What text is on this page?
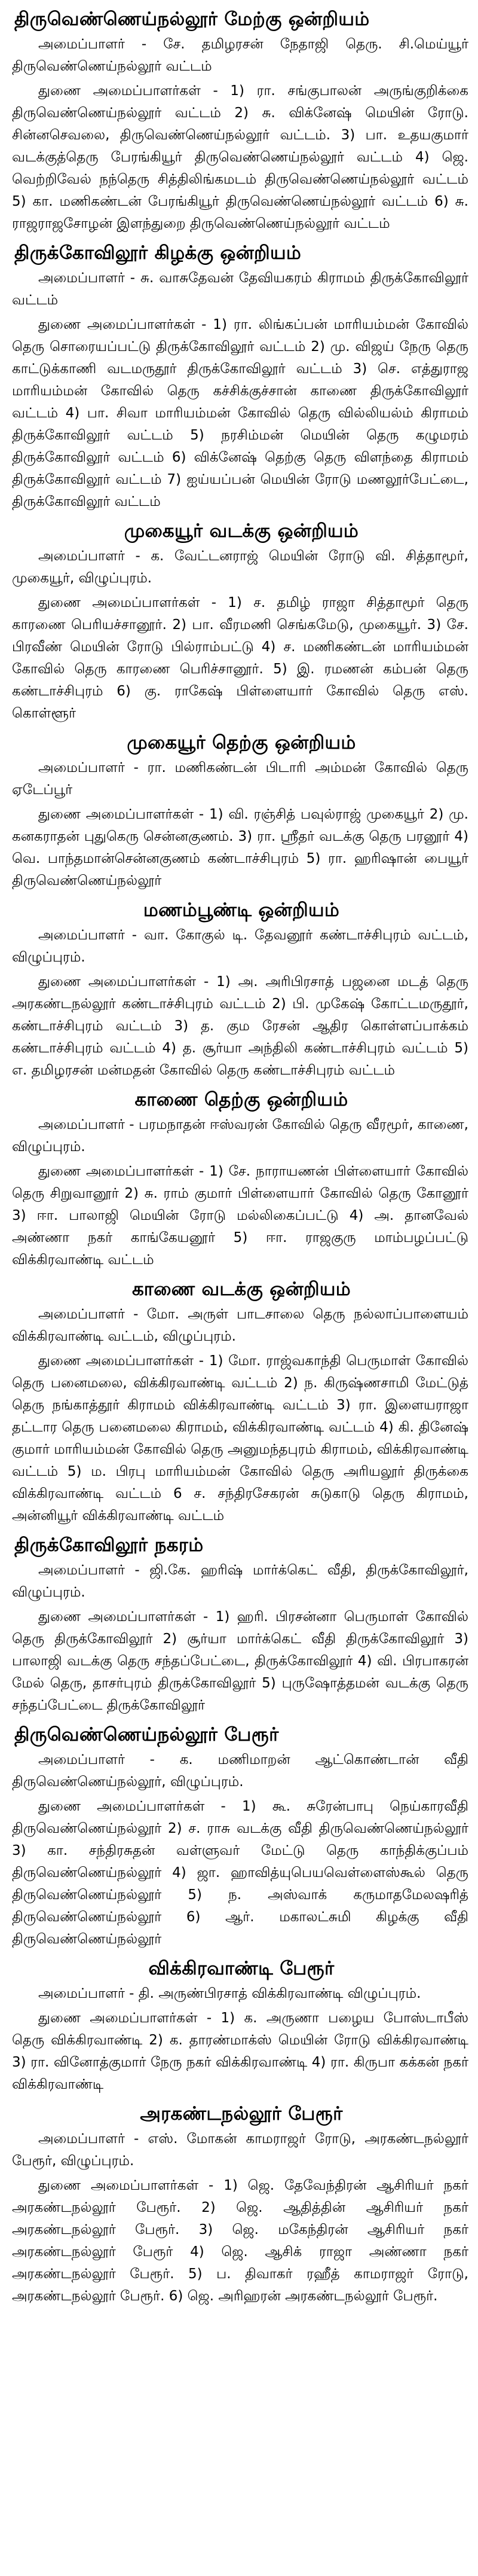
திருவெண்ணெய்நல்லூர் மேற்கு ஒன்றியம்
அமைப்பாளர் - சே. தமிழரசன் நேதாஜி தெரு. சி.மெய்யூர் திருவெண்ணெய்நல்லூர் வட்டம்
துணை அமைப்பாளர்கள் - 1) ரா. சங்குபாலன் அருங்குறிக்கை திருவெண்ணெய்நல்லூர் வட்டம் 2) சு. விக்னேஷ் மெயின் ரோடு. சின்னசெவலை, திருவெண்ணெய்நல்லூர் வட்டம். 3) பா. உதயகுமார் வடக்குத்தெரு பேரங்கியூர் திருவெண்ணெய்நல்லூர் வட்டம் 4) ஜெ. வெற்றிவேல் நந்தெரு சித்திலிங்கமடம் திருவெண்ணெய்நல்லூர் வட்டம் 5) கா. மணிகண்டன் பேரங்கியூர் திருவெண்ணெய்நல்லூர் வட்டம் 6) சு. ராஜராஜசோழன் இளந்துறை திருவெண்ணெய்நல்லூர் வட்டம்
திருக்கோவிலூர் கிழக்கு ஒன்றியம்
அமைப்பாளர் - சு. வாசுதேவன் தேவியகரம் கிராமம் திருக்கோவிலூர் வட்டம்
துணை அமைப்பாளர்கள் - 1) ரா. லிங்கப்பன் மாரியம்மன் கோவில் தெரு சொரையப்பட்டு திருக்கோவிலூர் வட்டம் 2) மு. விஜய் நேரு தெரு காட்டுக்காணி வடமருதூர் திருக்கோவிலூர் வட்டம் 3) செ. எத்துராஜ மாரியம்மன் கோவில் தெரு கச்சிக்குச்சான் காணை திருக்கோவிலூர் வட்டம் 4) பா. சிவா மாரியம்மன் கோவில் தெரு வில்லியல்ம் கிராமம் திருக்கோவிலூர் வட்டம் 5) நரசிம்மன் மெயின் தெரு கழுமரம் திருக்கோவிலூர் வட்டம் 6) விக்னேஷ் தெற்கு தெரு விளந்தை கிராமம் திருக்கோவிலூர் வட்டம் 7) ஐய்யப்பன் மெயின் ரோடு மணலூர்பேட்டை, திருக்கோவிலூர் வட்டம்
முகையூர் வடக்கு ஒன்றியம்
அமைப்பாளர் - க. வேட்டனராஜ் மெயின் ரோடு வி. சித்தாமூர், முகையூர், விழுப்புரம்.
துணை அமைப்பாளர்கள் - 1) ச. தமிழ் ராஜா சித்தாமூர் தெரு காரணை பெரியச்சானூர். 2) பா. வீரமணி செங்கமேடு, முகையூர். 3) சே. பிரவீண் மெயின் ரோடு பில்ராம்பட்டு 4) ச. மணிகண்டன் மாரியம்மன் கோவில் தெரு காரணை பெரிச்சானூர். 5) இ. ரமணன் கம்பன் தெரு கண்டாச்சிபுரம் 6) கு. ராகேஷ் பிள்ளையார் கோவில் தெரு எஸ். கொள்ளூர்
முகையூர் தெற்கு ஒன்றியம்
அமைப்பாளர் - ரா. மணிகண்டன் பிடாரி அம்மன் கோவில் தெரு ஏடேப்பூர்
துணை அமைப்பாளர்கள் - 1) வி. ரஞ்சித் பவுல்ராஜ் முகையூர் 2) மு. கனகராதன் புதுகெரு சென்னகுணம். 3) ரா. ஸ்ரீதர் வடக்கு தெரு பரனூர் 4) வெ. பாந்தமான்சென்னகுணம் கண்டாச்சிபுரம் 5) ரா. ஹரிஷான் பையூர் திருவெண்ணெய்நல்லூர்
மணம்பூண்டி ஒன்றியம்
அமைப்பாளர் - வா. கோகுல் டி. தேவனூர் கண்டாச்சிபுரம் வட்டம், விழுப்புரம்.
துணை அமைப்பாளர்கள் - 1) அ. அரிபிரசாத் பஜனை மடத் தெரு அரகண்டநல்லூர் கண்டாச்சிபுரம் வட்டம் 2) பி. முகேஷ் கோட்டமருதூர், கண்டாச்சிபுரம் வட்டம் 3) த. கும ரேசன் ஆதிர கொள்ளப்பாக்கம் கண்டாச்சிபுரம் வட்டம் 4) த. சூர்யா அந்திலி கண்டாச்சிபுரம் வட்டம் 5) எ. தமிழரசன் மன்மதன் கோவில் தெரு கண்டாச்சிபுரம் வட்டம்
காணை தெற்கு ஒன்றியம்
அமைப்பாளர் - பரமநாதன் ஈஸ்வரன் கோவில் தெரு வீரமூர், காணை, விழுப்புரம்.
துணை அமைப்பாளர்கள் - 1) சே. நாராயணன் பிள்ளையார் கோவில் தெரு சிறுவானூர் 2) சு. ராம் குமார் பிள்ளையார் கோவில் தெரு கோனூர் 3) ஈா. பாலாஜி மெயின் ரோடு மல்லிகைப்பட்டு 4) அ. தானவேல் அண்ணா நகர் காங்கேயனூர் 5) ஈா. ராஜகுரு மாம்பழப்பட்டு விக்கிரவாண்டி வட்டம்
காணை வடக்கு ஒன்றியம்
அமைப்பாளர் - மோ. அருள் பாடசாலை தெரு நல்லாப்பாளையம் விக்கிரவாண்டி வட்டம், விழுப்புரம்.
துணை அமைப்பாளர்கள் - 1) மோ. ராஜ்வகாந்தி பெருமாள் கோவில் தெரு பனைமலை, விக்கிரவாண்டி வட்டம் 2) ந. கிருஷ்ணசாமி மேட்டுத் தெரு நங்காத்தூர் கிராமம் விக்கிரவாண்டி வட்டம் 3) ரா. இளையராஜா தட்டார தெரு பனைமலை கிராமம், விக்கிரவாண்டி வட்டம் 4) கி. தினேஷ் குமார் மாரியம்மன் கோவில் தெரு அனுமந்தபுரம் கிராமம், விக்கிரவாண்டி வட்டம் 5) ம. பிரபு மாரியம்மன் கோவில் தெரு அரியலூர் திருக்கை விக்கிரவாண்டி வட்டம் 6 ச. சந்திரசேகரன் சுடுகாடு தெரு கிராமம், அன்னியூர் விக்கிரவாண்டி வட்டம்
திருக்கோவிலூர் நகரம்
அமைப்பாளர் - ஜி.கே. ஹரிஷ் மார்க்கெட் வீதி, திருக்கோவிலூர், விழுப்புரம்.
துணை அமைப்பாளர்கள் - 1) ஹரி. பிரசன்னா பெருமாள் கோவில் தெரு திருக்கோவிலூர் 2) சூர்யா மார்க்கெட் வீதி திருக்கோவிலூர் 3) பாலாஜி வடக்கு தெரு சந்தப்பேட்டை, திருக்கோவிலூர் 4) வி. பிரபாகரன் மேல் தெரு, தாசர்புரம் திருக்கோவிலூர் 5) புருஷோத்தமன் வடக்கு தெரு சந்தப்பேட்டை திருக்கோவிலூர்
திருவெண்ணெய்நல்லூர் பேரூர்
அமைப்பாளர் - க. மணிமாறன் ஆட்கொண்டான் வீதி திருவெண்ணெய்நல்லூர், விழுப்புரம்.
துணை அமைப்பாளர்கள் - 1) கூ. சுரேன்பாபு நெய்காரவீதி திருவெண்ணெய்நல்லூர் 2) ச. ராசு வடக்கு வீதி திருவெண்ணெய்நல்லூர் 3) கா. சந்திரசுதன் வள்ளுவர் மேட்டு தெரு காந்திக்குப்பம் திருவெண்ணெய்நல்லூர் 4) ஜா. ஹாவித்யுபெயவெள்ளைஸ்கூல் தெரு திருவெண்ணெய்நல்லூர் 5) ந. அஸ்வாக் கருமாதமேலஷரித் திருவெண்ணெய்நல்லூர் 6) ஆர். மகாலட்சுமி கிழக்கு வீதி திருவெண்ணெய்நல்லூர்
விக்கிரவாண்டி பேரூர்
அமைப்பாளர் - தி. அருண்பிரசாத் விக்கிரவாண்டி விழுப்புரம்.
துணை அமைப்பாளர்கள் - 1) க. அருணா பழைய போஸ்டாபீஸ் தெரு விக்கிரவாண்டி 2) க. தாரண்மாக்ஸ் மெயின் ரோடு விக்கிரவாண்டி 3) ரா. வினோத்குமார் நேரு நகர் விக்கிரவாண்டி 4) ரா. கிருபா கக்கன் நகர் விக்கிரவாண்டி
அரகண்டநல்லூர் பேரூர்
அமைப்பாளர் - எஸ். மோகன் காமராஜர் ரோடு, அரகண்டநல்லூர் பேரூர், விழுப்புரம்.
துணை அமைப்பாளர்கள் - 1) ஜெ. தேவேந்திரன் ஆசிரியர் நகர் அரகண்டநல்லூர் பேரூர். 2) ஜெ. ஆதித்தின் ஆசிரியர் நகர் அரகண்டநல்லூர் பேரூர். 3) ஜெ. மகேந்திரன் ஆசிரியர் நகர் அரகண்டநல்லூர் பேரூர் 4) ஜெ. ஆசிக் ராஜா அண்ணா நகர் அரகண்டநல்லூர் பேரூர். 5) ப. திவாகர் ரஹீத் காமராஜர் ரோடு, அரகண்டநல்லூர் பேரூர். 6) ஜெ. அரிஹரன் அரகண்டநல்லூர் பேரூர்.
